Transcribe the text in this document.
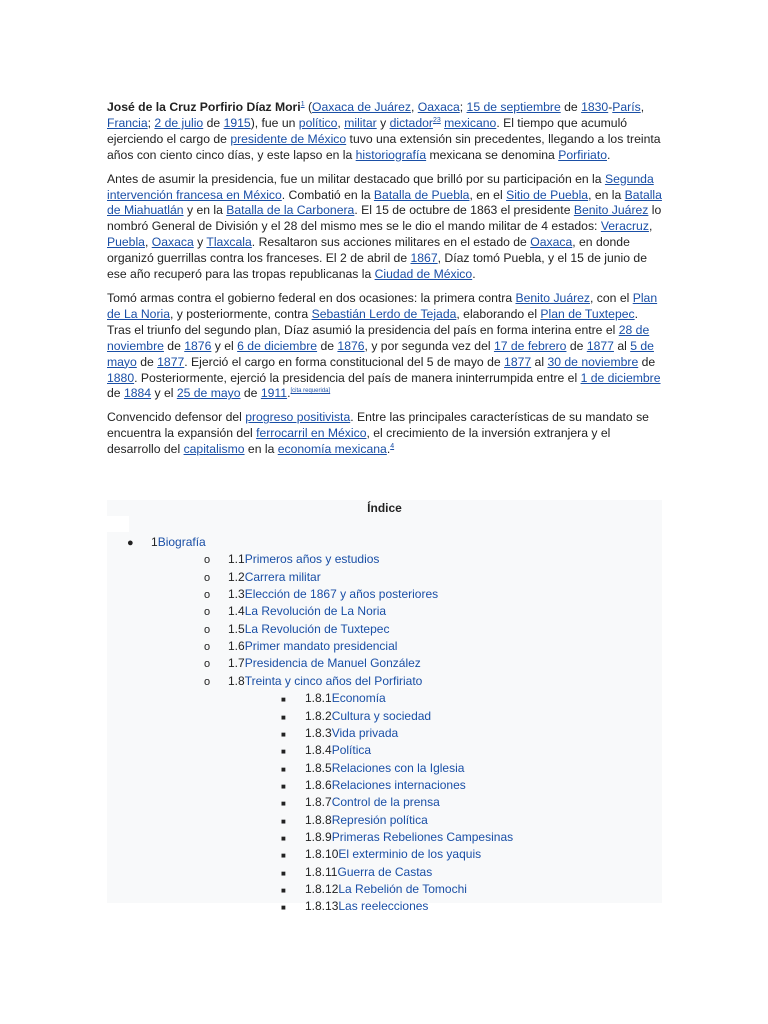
José de la Cruz Porfirio Díaz Mori$^1$ (Oaxaca de Juárez, Oaxaca; 15 de septiembre de 1830-París, Francia; 2 de julio de 1915), fue un político, militar y dictador$^{23}$ mexicano. El tiempo que acumuló ejerciendo el cargo de presidente de México tuvo una extensión sin precedentes, llegando a los treinta años con ciento cinco días, y este lapso en la historiografía mexicana se denomina Porfiriato.

Antes de asumir la presidencia, fue un militar destacado que brilló por su participación en la Segunda intervención francesa en México. Combatió en la Batalla de Puebla, en el Sitio de Puebla, en la Batalla de Miahuatlán y en la Batalla de la Carbonera. El 15 de octubre de 1863 el presidente Benito Juárez lo nombró General de División y el 28 del mismo mes se le dio el mando militar de 4 estados: Veracruz, Puebla, Oaxaca y Tlaxcala. Resaltaron sus acciones militares en el estado de Oaxaca, en donde organizó guerrillas contra los franceses. El 2 de abril de 1867, Díaz tomó Puebla, y el 15 de junio de ese año recuperó para las tropas republicanas la Ciudad de México.

Tomó armas contra el gobierno federal en dos ocasiones: la primera contra Benito Juárez, con el Plan de La Noria, y posteriormente, contra Sebastián Lerdo de Tejada, elaborando el Plan de Tuxtepec. Tras el triunfo del segundo plan, Díaz asumió la presidencia del país en forma interina entre el 28 de noviembre de 1876 y el 6 de diciembre de 1876, y por segunda vez del 17 de febrero de 1877 al 5 de mayo de 1877. Ejerció el cargo en forma constitucional del 5 de mayo de 1877 al 30 de noviembre de 1880. Posteriormente, ejerció la presidencia del país de manera ininterrumpida entre el 1 de diciembre de 1884 y el 25 de mayo de 1911.[cita requerida]

Convencido defensor del progreso positivista. Entre las principales características de su mandato se encuentra la expansión del ferrocarril en México, el crecimiento de la inversión extranjera y el desarrollo del capitalismo en la economía mexicana.$^4$

Índice
● 1Biografía
o 1.1Primeros años y estudios
o 1.2Carrera militar
o 1.3Elección de 1867 y años posteriores
o 1.4La Revolución de La Noria
o 1.5La Revolución de Tuxtepec
o 1.6Primer mandato presidencial
o 1.7Presidencia de Manuel González
o 1.8Treinta y cinco años del Porfiriato
■ 1.8.1Economía
■ 1.8.2Cultura y sociedad
■ 1.8.3Vida privada
■ 1.8.4Política
■ 1.8.5Relaciones con la Iglesia
■ 1.8.6Relaciones internaciones
■ 1.8.7Control de la prensa
■ 1.8.8Represión política
■ 1.8.9Primeras Rebeliones Campesinas
■ 1.8.10El exterminio de los yaquis
■ 1.8.11Guerra de Castas
■ 1.8.12La Rebelión de Tomochi
■ 1.8.13Las reelecciones
